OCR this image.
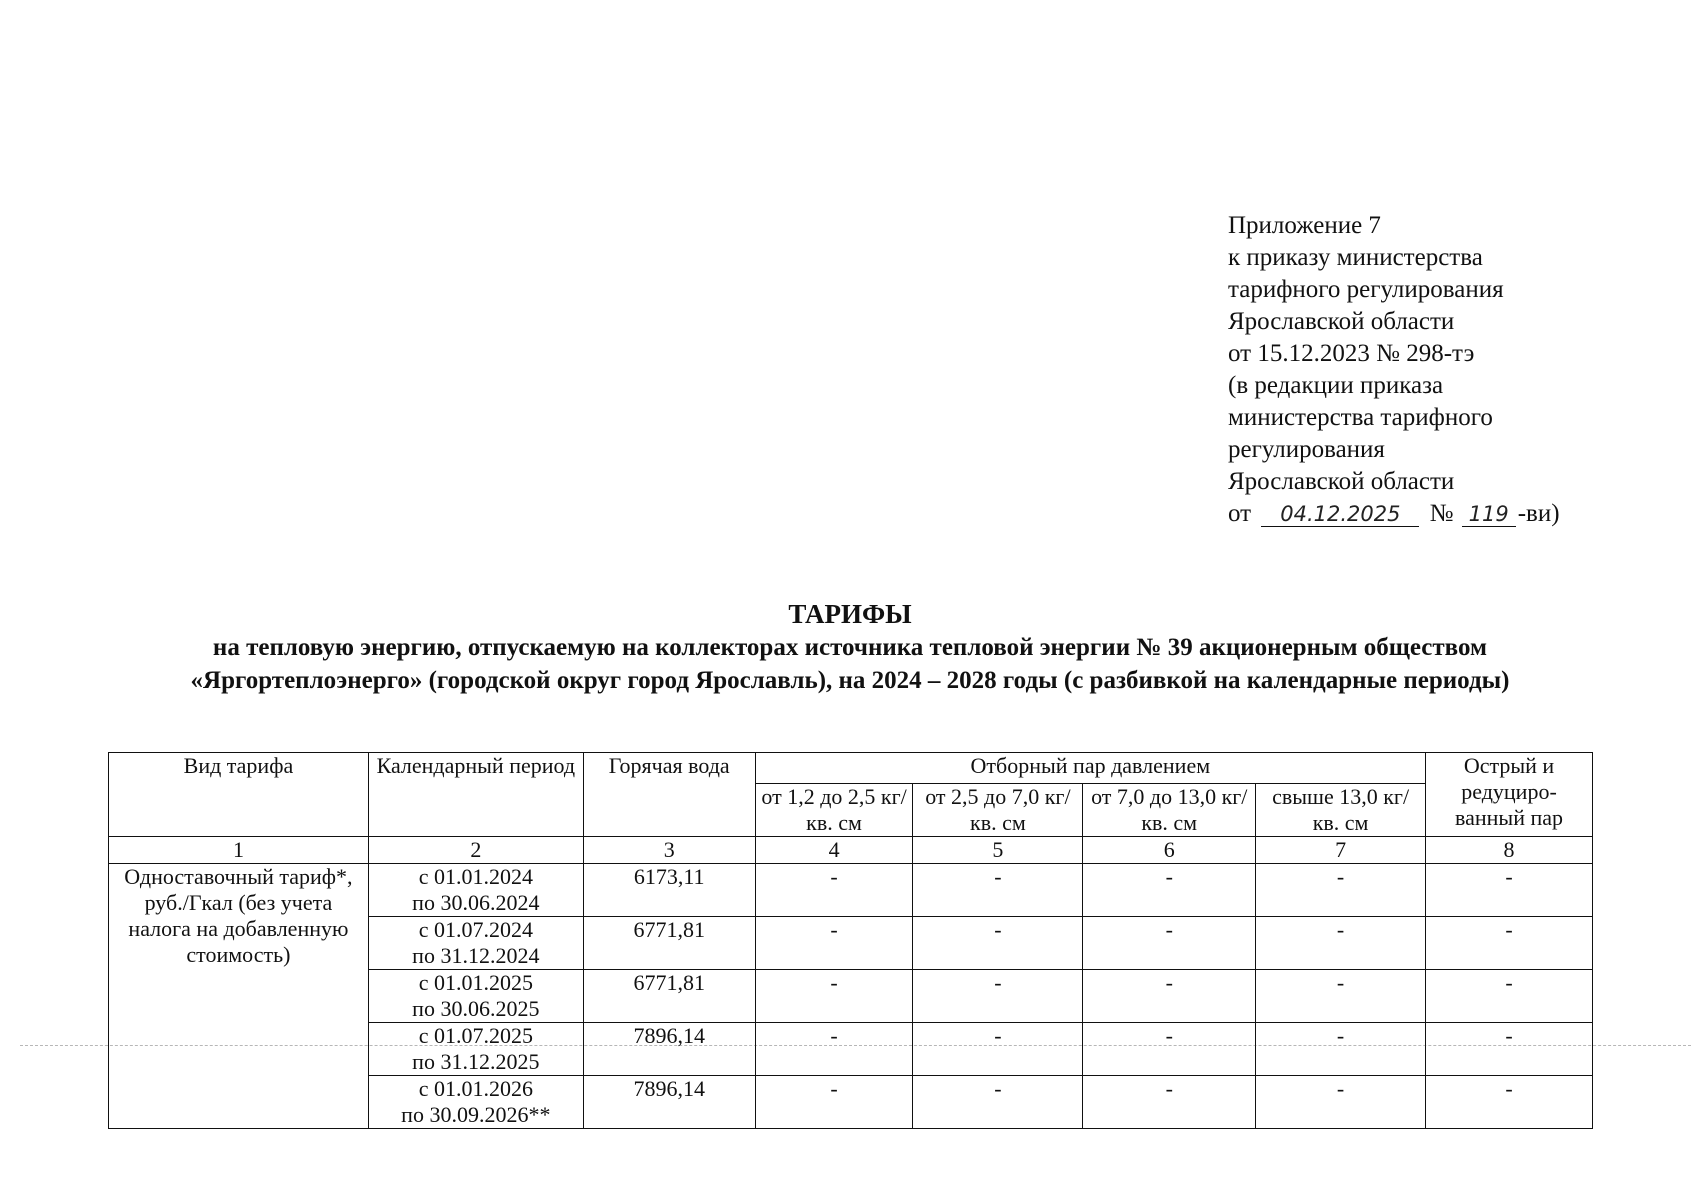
Приложение 7
к приказу министерства
тарифного регулирования
Ярославской области
от 15.12.2023 № 298-тэ
(в редакции приказа
министерства тарифного
регулирования
Ярославской области
от 04.12.2025 № 119 -ви)
ТАРИФЫ
на тепловую энергию, отпускаемую на коллекторах источника тепловой энергии № 39 акционерным обществом «Яргортеплоэнерго» (городской округ город Ярославль), на 2024 – 2028 годы (с разбивкой на календарные периоды)
Вид тарифа	Календарный период	Горячая вода	Отборный пар давлением				Острый и редуциро-ванный пар
			от 1,2 до 2,5 кг/ кв. см	от 2,5 до 7,0 кг/ кв. см	от 7,0 до 13,0 кг/ кв. см	свыше 13,0 кг/ кв. см	
1	2	3	4	5	6	7	8
Одноставочный тариф*, руб./Гкал (без учета налога на добавленную стоимость)	с 01.01.2024
по 30.06.2024	6173,11	-	-	-	-	-

	с 01.07.2024
по 31.12.2024	6771,81	-	-	-	-	-

	с 01.01.2025
по 30.06.2025	6771,81	-	-	-	-	-

	с 01.07.2025
по 31.12.2025	7896,14	-	-	-	-	-

	с 01.01.2026
по 30.09.2026**	7896,14	-	-	-	-	-
